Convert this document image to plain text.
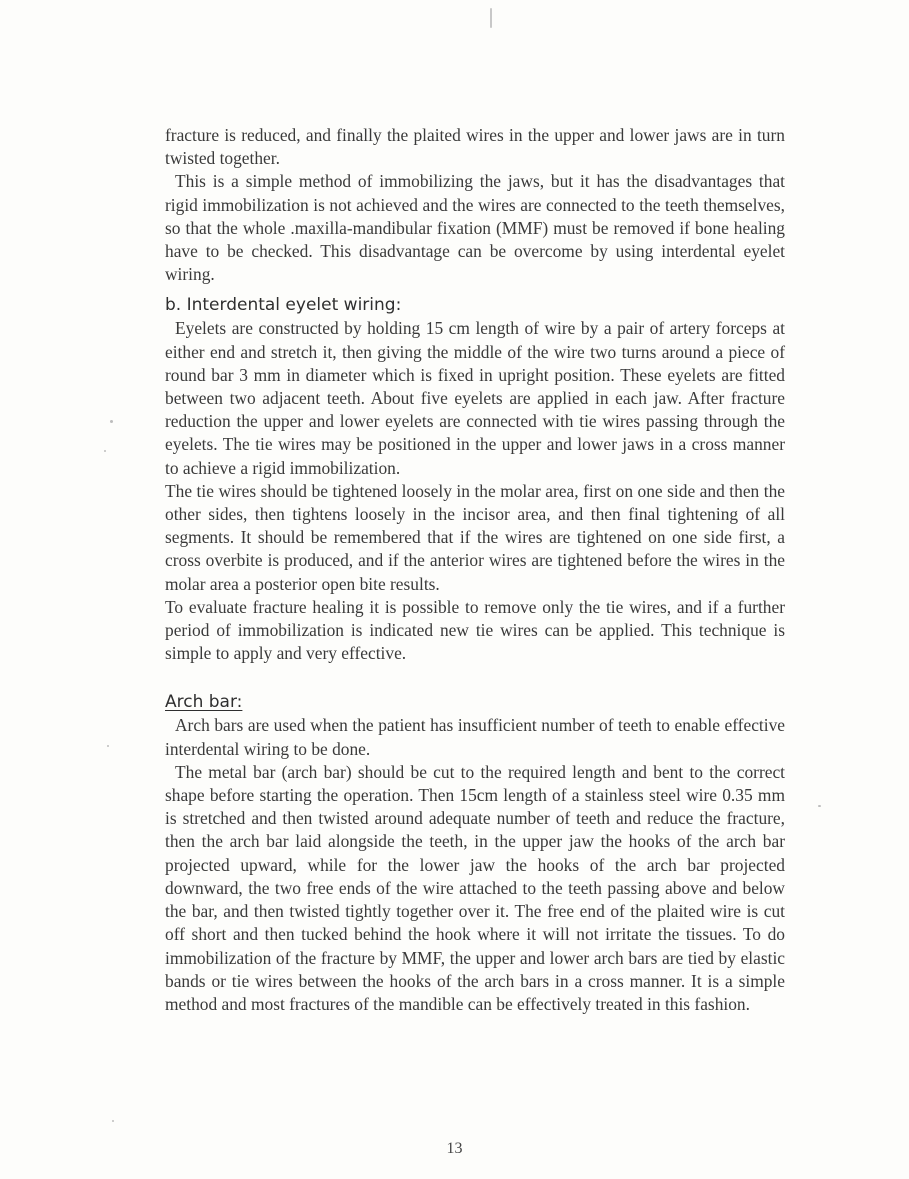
fracture is reduced, and finally the plaited wires in the upper and lower jaws are in turn twisted together.

This is a simple method of immobilizing the jaws, but it has the disadvantages that rigid immobilization is not achieved and the wires are connected to the teeth themselves, so that the whole .maxilla-mandibular fixation (MMF) must be removed if bone healing have to be checked. This disadvantage can be overcome by using interdental eyelet wiring.

b. Interdental eyelet wiring:

Eyelets are constructed by holding 15 cm length of wire by a pair of artery forceps at either end and stretch it, then giving the middle of the wire two turns around a piece of round bar 3 mm in diameter which is fixed in upright position. These eyelets are fitted between two adjacent teeth. About five eyelets are applied in each jaw. After fracture reduction the upper and lower eyelets are connected with tie wires passing through the eyelets. The tie wires may be positioned in the upper and lower jaws in a cross manner to achieve a rigid immobilization.

The tie wires should be tightened loosely in the molar area, first on one side and then the other sides, then tightens loosely in the incisor area, and then final tightening of all segments. It should be remembered that if the wires are tightened on one side first, a cross overbite is produced, and if the anterior wires are tightened before the wires in the molar area a posterior open bite results.

To evaluate fracture healing it is possible to remove only the tie wires, and if a further period of immobilization is indicated new tie wires can be applied. This technique is simple to apply and very effective.

Arch bar:

Arch bars are used when the patient has insufficient number of teeth to enable effective interdental wiring to be done.

The metal bar (arch bar) should be cut to the required length and bent to the correct shape before starting the operation. Then 15cm length of a stainless steel wire 0.35 mm is stretched and then twisted around adequate number of teeth and reduce the fracture, then the arch bar laid alongside the teeth, in the upper jaw the hooks of the arch bar projected upward, while for the lower jaw the hooks of the arch bar projected downward, the two free ends of the wire attached to the teeth passing above and below the bar, and then twisted tightly together over it. The free end of the plaited wire is cut off short and then tucked behind the hook where it will not irritate the tissues. To do immobilization of the fracture by MMF, the upper and lower arch bars are tied by elastic bands or tie wires between the hooks of the arch bars in a cross manner. It is a simple method and most fractures of the mandible can be effectively treated in this fashion.

13
